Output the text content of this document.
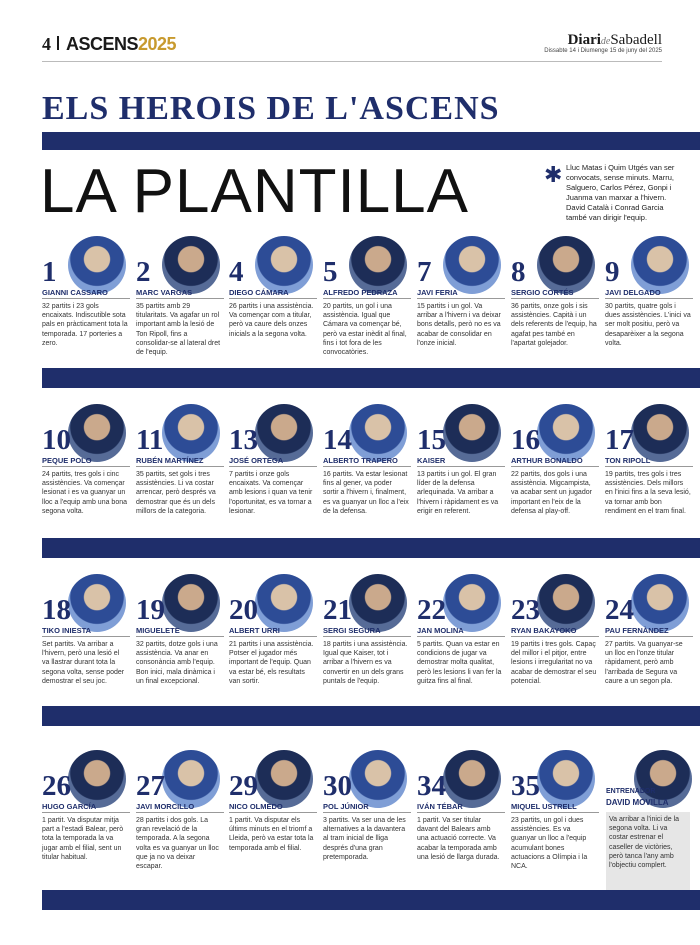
4 ASCENS2025	DiarideSabadell
Dissabte 14 i Diumenge 15 de juny del 2025
ELS HEROIS DE L'ASCENS
LA PLANTILLA	✱ Lluc Matas i Quim Utgés van ser convocats, sense minuts. Marru, Salguero, Carlos Pérez, Gonpi i Juanma van marxar a l'hivern. David Català i Conrad Garcia també van dirigir l'equip.
1
GIANNI CASSARO
32 partits i 23 gols encaixats. Indiscutible sota pals en pràcticament tota la temporada. 17 porteries a zero.
2
MARC VARGAS
35 partits amb 29 titularitats. Va agafar un rol important amb la lesió de Ton Ripoll, fins a consolidar-se al lateral dret de l'equip.
4
DIEGO CÁMARA
26 partits i una assistència. Va començar com a titular, però va caure dels onzes inicials a la segona volta.
5
ALFREDO PEDRAZA
20 partits, un gol i una assistència. Igual que Cámara va començar bé, però va estar inèdit al final, fins i tot fora de les convocatòries.
7
JAVI FERIA
15 partits i un gol. Va arribar a l'hivern i va deixar bons detalls, però no es va acabar de consolidar en l'onze inicial.
8
SERGIO CORTÉS
36 partits, onze gols i sis assistències. Capità i un dels referents de l'equip, ha agafat pes també en l'apartat golejador.
9
JAVI DELGADO
30 partits, quatre gols i dues assistències. L'inici va ser molt positiu, però va desaparèixer a la segona volta.
10
PEQUE POLO
24 partits, tres gols i cinc assistències. Va començar lesionat i es va guanyar un lloc a l'equip amb una bona segona volta.
11
RUBÉN MARTÍNEZ
35 partits, set gols i tres assistències. Li va costar arrencar, però després va demostrar que és un dels millors de la categoria.
13
JOSÉ ORTEGA
7 partits i onze gols encaixats. Va començar amb lesions i quan va tenir l'oportunitat, es va tornar a lesionar.
14
ALBERTO TRAPERO
16 partits. Va estar lesionat fins al gener, va poder sortir a l'hivern i, finalment, es va guanyar un lloc a l'eix de la defensa.
15
KAISER
13 partits i un gol. El gran líder de la defensa arlequinada. Va arribar a l'hivern i ràpidament es va erigir en referent.
16
ARTHUR BONALDO
22 partits, dos gols i una assistència. Migcampista, va acabar sent un jugador important en l'eix de la defensa al play-off.
17
TON RIPOLL
19 partits, tres gols i tres assistències. Dels millors en l'inici fins a la seva lesió, va tornar amb bon rendiment en el tram final.
18
TIKO INIESTA
Set partits. Va arribar a l'hivern, però una lesió el va llastrar durant tota la segona volta, sense poder demostrar el seu joc.
19
MIGUELETE
32 partits, dotze gols i una assistència. Va anar en consonància amb l'equip. Bon inici, mala dinàmica i un final excepcional.
20
ALBERT URRI
21 partits i una assistència. Potser el jugador més important de l'equip. Quan va estar bé, els resultats van sortir.
21
SERGI SEGURA
18 partits i una assistència. Igual que Kaiser, tot i arribar a l'hivern es va convertir en un dels grans puntals de l'equip.
22
JAN MOLINA
5 partits. Quan va estar en condicions de jugar va demostrar molta qualitat, però les lesions li van fer la guitza fins al final.
23
RYAN BAKAYOKO
19 partits i tres gols. Capaç del millor i el pitjor, entre lesions i irregularitat no va acabar de demostrar el seu potencial.
24
PAU FERNÀNDEZ
27 partits. Va guanyar-se un lloc en l'onze titular ràpidament, però amb l'arribada de Segura va caure a un segon pla.
26
HUGO GARCÍA
1 partit. Va disputar mitja part a l'estadi Balear, però tota la temporada la va jugar amb el filial, sent un titular habitual.
27
JAVI MORCILLO
28 partits i dos gols. La gran revelació de la temporada. A la segona volta es va guanyar un lloc que ja no va deixar escapar.
29
NICO OLMEDO
1 partit. Va disputar els últims minuts en el triomf a Lleida, però va estar tota la temporada amb el filial.
30
POL JÚNIOR
3 partits. Va ser una de les alternatives a la davantera al tram inicial de lliga després d'una gran pretemporada.
34
IVÁN TÉBAR
1 partit. Va ser titular davant del Balears amb una actuació correcte. Va acabar la temporada amb una lesió de llarga durada.
35
MIQUEL USTRELL
23 partits, un gol i dues assistències. Es va guanyar un lloc a l'equip acumulant bones actuacions a Olímpia i la NCA.
ENTRENADOR
DAVID MOVILLA
Va arribar a l'inici de la segona volta. Li va costar estrenar el caseller de victòries, però tanca l'any amb l'objectiu complert.
